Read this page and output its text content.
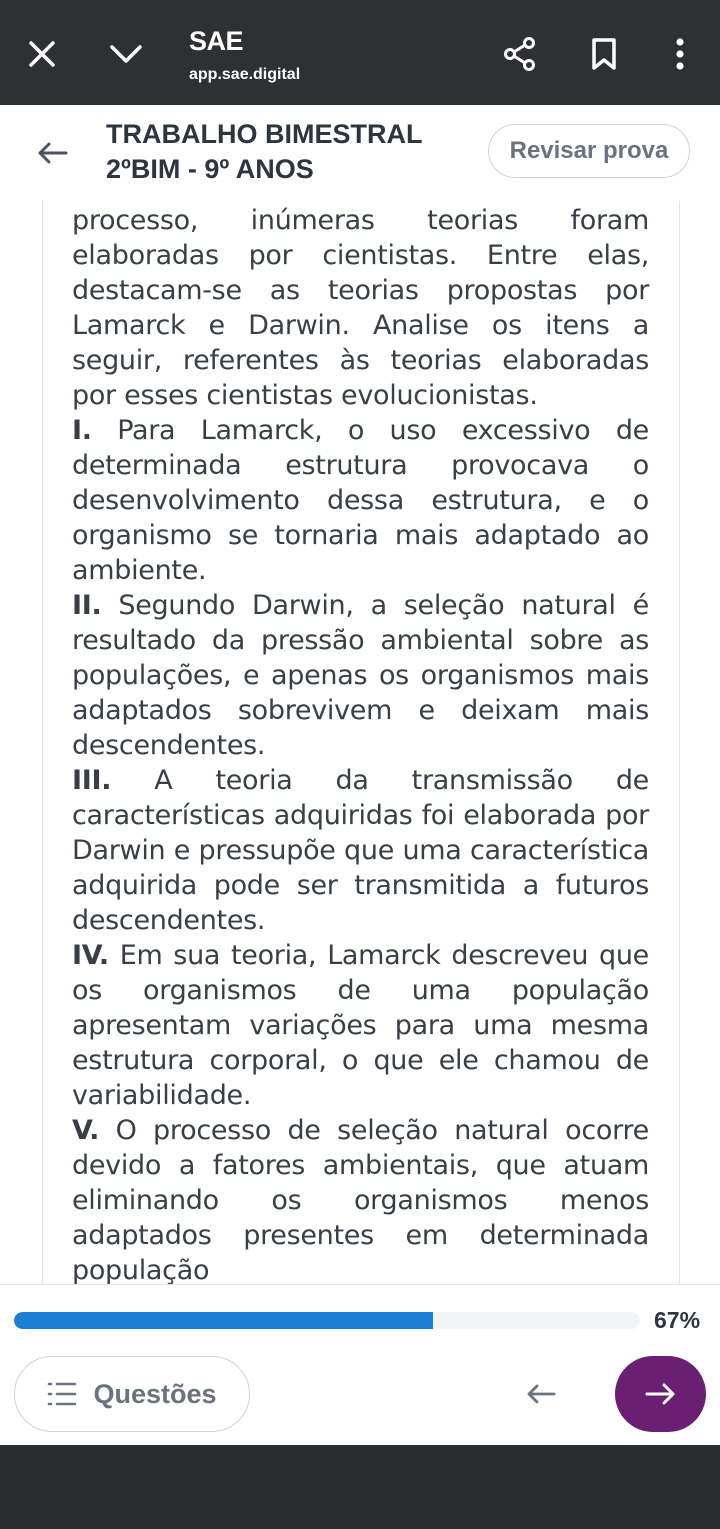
SAE
app.sae.digital
TRABALHO BIMESTRAL
2ºBIM - 9º ANOS
Revisar prova

processo, inúmeras teorias foram elaboradas por cientistas. Entre elas, destacam-se as teorias propostas por Lamarck e Darwin. Analise os itens a seguir, referentes às teorias elaboradas por esses cientistas evolucionistas.

I. Para Lamarck, o uso excessivo de determinada estrutura provocava o desenvolvimento dessa estrutura, e o organismo se tornaria mais adaptado ao ambiente.

II. Segundo Darwin, a seleção natural é resultado da pressão ambiental sobre as populações, e apenas os organismos mais adaptados sobrevivem e deixam mais descendentes.

III. A teoria da transmissão de características adquiridas foi elaborada por Darwin e pressupõe que uma característica adquirida pode ser transmitida a futuros descendentes.

IV. Em sua teoria, Lamarck descreveu que os organismos de uma população apresentam variações para uma mesma estrutura corporal, o que ele chamou de variabilidade.

V. O processo de seleção natural ocorre devido a fatores ambientais, que atuam eliminando os organismos menos adaptados presentes em determinada população

67%
Questões
